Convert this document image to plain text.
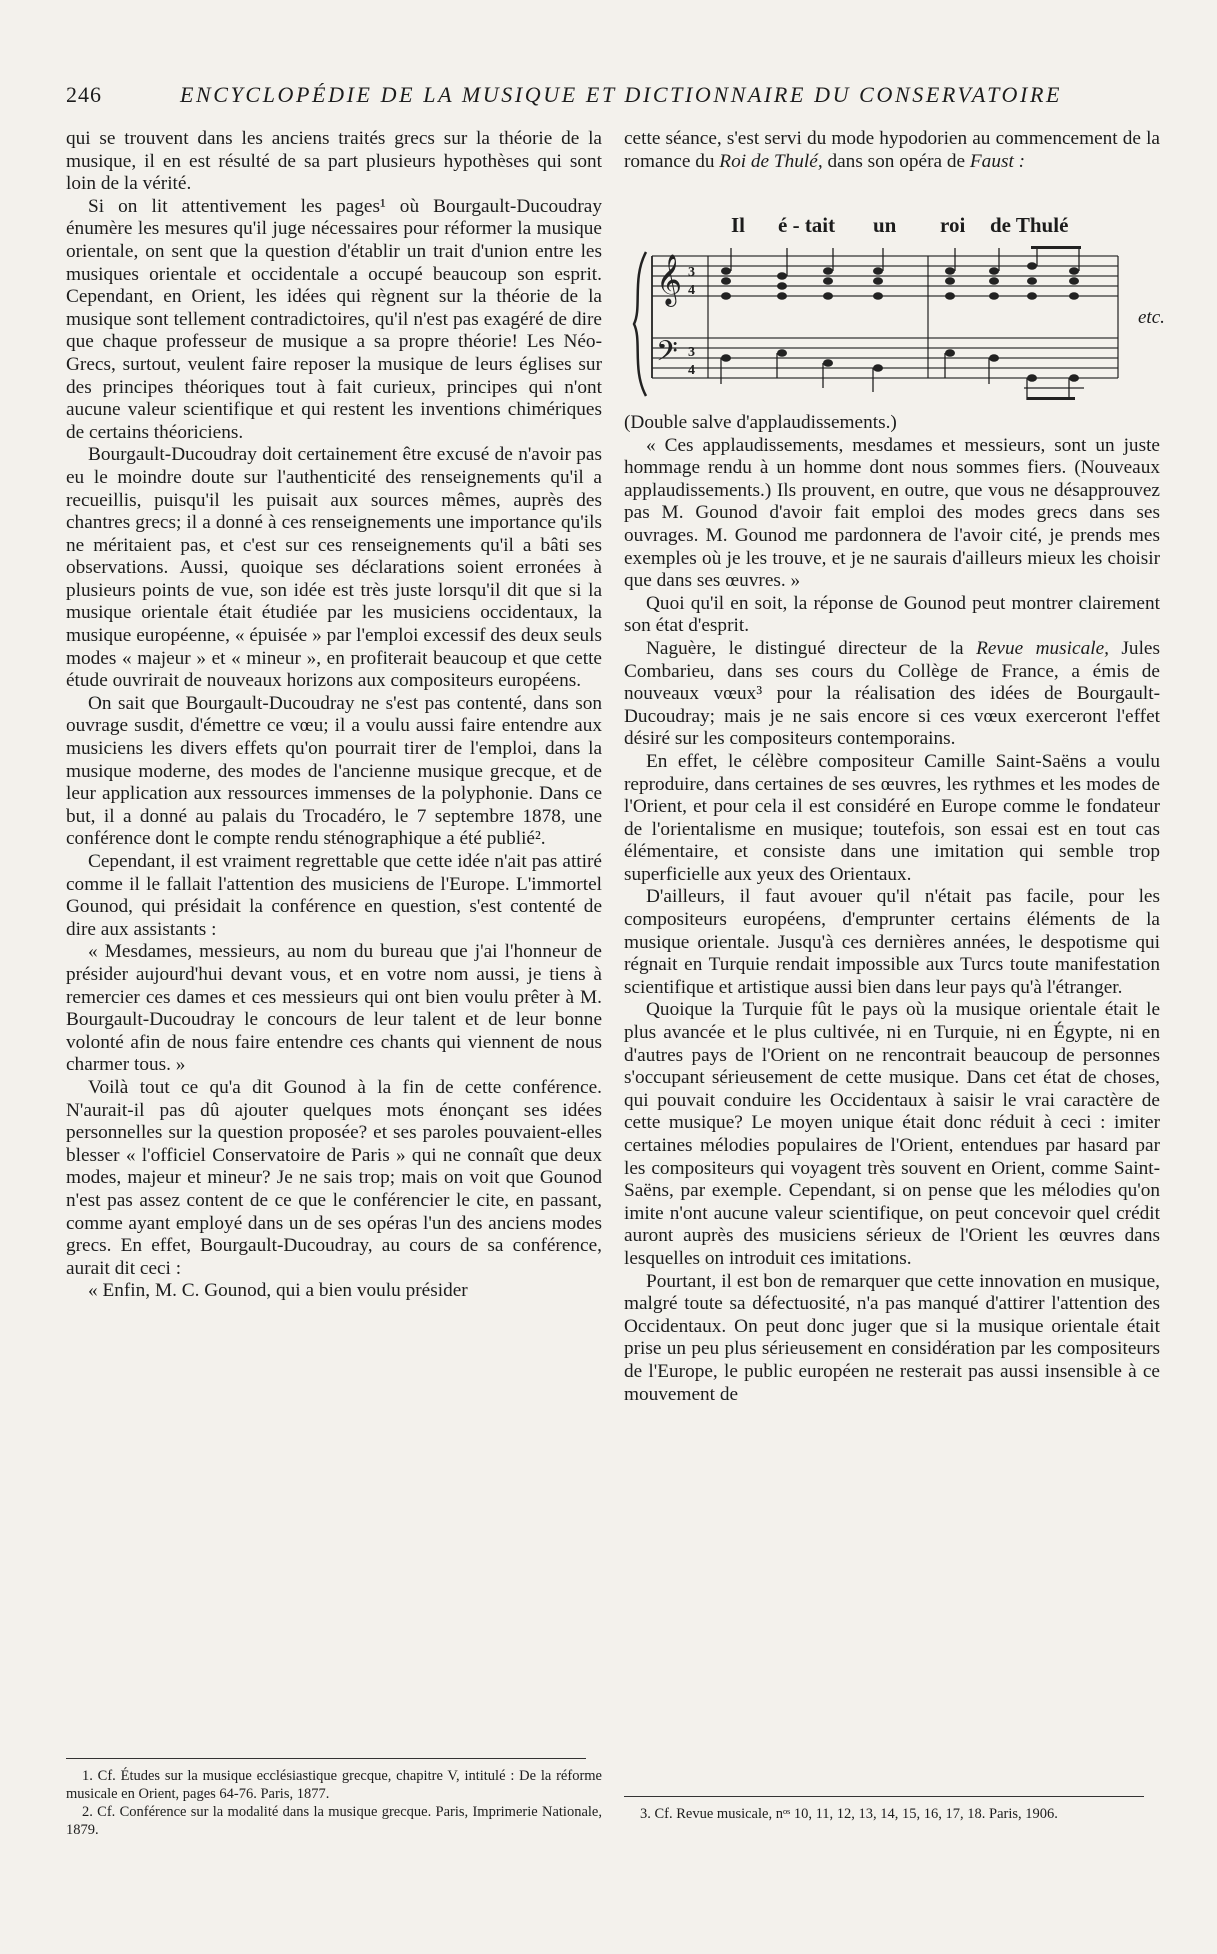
246	ENCYCLOPÉDIE DE LA MUSIQUE ET DICTIONNAIRE DU CONSERVATOIRE

qui se trouvent dans les anciens traités grecs sur la théorie de la musique, il en est résulté de sa part plusieurs hypothèses qui sont loin de la vérité.

Si on lit attentivement les pages¹ où Bourgault-Ducoudray énumère les mesures qu'il juge nécessaires pour réformer la musique orientale, on sent que la question d'établir un trait d'union entre les musiques orientale et occidentale a occupé beaucoup son esprit. Cependant, en Orient, les idées qui règnent sur la théorie de la musique sont tellement contradictoires, qu'il n'est pas exagéré de dire que chaque professeur de musique a sa propre théorie! Les Néo-Grecs, surtout, veulent faire reposer la musique de leurs églises sur des principes théoriques tout à fait curieux, principes qui n'ont aucune valeur scientifique et qui restent les inventions chimériques de certains théoriciens.

Bourgault-Ducoudray doit certainement être excusé de n'avoir pas eu le moindre doute sur l'authenticité des renseignements qu'il a recueillis, puisqu'il les puisait aux sources mêmes, auprès des chantres grecs; il a donné à ces renseignements une importance qu'ils ne méritaient pas, et c'est sur ces renseignements qu'il a bâti ses observations. Aussi, quoique ses déclarations soient erronées à plusieurs points de vue, son idée est très juste lorsqu'il dit que si la musique orientale était étudiée par les musiciens occidentaux, la musique européenne, « épuisée » par l'emploi excessif des deux seuls modes « majeur » et « mineur », en profiterait beaucoup et que cette étude ouvrirait de nouveaux horizons aux compositeurs européens.

On sait que Bourgault-Ducoudray ne s'est pas contenté, dans son ouvrage susdit, d'émettre ce vœu; il a voulu aussi faire entendre aux musiciens les divers effets qu'on pourrait tirer de l'emploi, dans la musique moderne, des modes de l'ancienne musique grecque, et de leur application aux ressources immenses de la polyphonie. Dans ce but, il a donné au palais du Trocadéro, le 7 septembre 1878, une conférence dont le compte rendu sténographique a été publié².

Cependant, il est vraiment regrettable que cette idée n'ait pas attiré comme il le fallait l'attention des musiciens de l'Europe. L'immortel Gounod, qui présidait la conférence en question, s'est contenté de dire aux assistants :

« Mesdames, messieurs, au nom du bureau que j'ai l'honneur de présider aujourd'hui devant vous, et en votre nom aussi, je tiens à remercier ces dames et ces messieurs qui ont bien voulu prêter à M. Bourgault-Ducoudray le concours de leur talent et de leur bonne volonté afin de nous faire entendre ces chants qui viennent de nous charmer tous. »

Voilà tout ce qu'a dit Gounod à la fin de cette conférence. N'aurait-il pas dû ajouter quelques mots énonçant ses idées personnelles sur la question proposée? et ses paroles pouvaient-elles blesser « l'officiel Conservatoire de Paris » qui ne connaît que deux modes, majeur et mineur? Je ne sais trop; mais on voit que Gounod n'est pas assez content de ce que le conférencier le cite, en passant, comme ayant employé dans un de ses opéras l'un des anciens modes grecs. En effet, Bourgault-Ducoudray, au cours de sa conférence, aurait dit ceci :

« Enfin, M. C. Gounod, qui a bien voulu présider

1. Cf. Études sur la musique ecclésiastique grecque, chapitre V, intitulé : De la réforme musicale en Orient, pages 64-76. Paris, 1877.

2. Cf. Conférence sur la modalité dans la musique grecque. Paris, Imprimerie Nationale, 1879.

cette séance, s'est servi du mode hypodorien au commencement de la romance du Roi de Thulé, dans son opéra de Faust :

Il é - tait un roi de Thulé
𝄞
𝄢
3
4
3
4
etc.

(Double salve d'applaudissements.)

« Ces applaudissements, mesdames et messieurs, sont un juste hommage rendu à un homme dont nous sommes fiers. (Nouveaux applaudissements.) Ils prouvent, en outre, que vous ne désapprouvez pas M. Gounod d'avoir fait emploi des modes grecs dans ses ouvrages. M. Gounod me pardonnera de l'avoir cité, je prends mes exemples où je les trouve, et je ne saurais d'ailleurs mieux les choisir que dans ses œuvres. »

Quoi qu'il en soit, la réponse de Gounod peut montrer clairement son état d'esprit.

Naguère, le distingué directeur de la Revue musicale, Jules Combarieu, dans ses cours du Collège de France, a émis de nouveaux vœux³ pour la réalisation des idées de Bourgault-Ducoudray; mais je ne sais encore si ces vœux exerceront l'effet désiré sur les compositeurs contemporains.

En effet, le célèbre compositeur Camille Saint-Saëns a voulu reproduire, dans certaines de ses œuvres, les rythmes et les modes de l'Orient, et pour cela il est considéré en Europe comme le fondateur de l'orientalisme en musique; toutefois, son essai est en tout cas élémentaire, et consiste dans une imitation qui semble trop superficielle aux yeux des Orientaux.

D'ailleurs, il faut avouer qu'il n'était pas facile, pour les compositeurs européens, d'emprunter certains éléments de la musique orientale. Jusqu'à ces dernières années, le despotisme qui régnait en Turquie rendait impossible aux Turcs toute manifestation scientifique et artistique aussi bien dans leur pays qu'à l'étranger.

Quoique la Turquie fût le pays où la musique orientale était le plus avancée et le plus cultivée, ni en Turquie, ni en Égypte, ni en d'autres pays de l'Orient on ne rencontrait beaucoup de personnes s'occupant sérieusement de cette musique. Dans cet état de choses, qui pouvait conduire les Occidentaux à saisir le vrai caractère de cette musique? Le moyen unique était donc réduit à ceci : imiter certaines mélodies populaires de l'Orient, entendues par hasard par les compositeurs qui voyagent très souvent en Orient, comme Saint-Saëns, par exemple. Cependant, si on pense que les mélodies qu'on imite n'ont aucune valeur scientifique, on peut concevoir quel crédit auront auprès des musiciens sérieux de l'Orient les œuvres dans lesquelles on introduit ces imitations.

Pourtant, il est bon de remarquer que cette innovation en musique, malgré toute sa défectuosité, n'a pas manqué d'attirer l'attention des Occidentaux. On peut donc juger que si la musique orientale était prise un peu plus sérieusement en considération par les compositeurs de l'Europe, le public européen ne resterait pas aussi insensible à ce mouvement de

3. Cf. Revue musicale, nᵒˢ 10, 11, 12, 13, 14, 15, 16, 17, 18. Paris, 1906.
